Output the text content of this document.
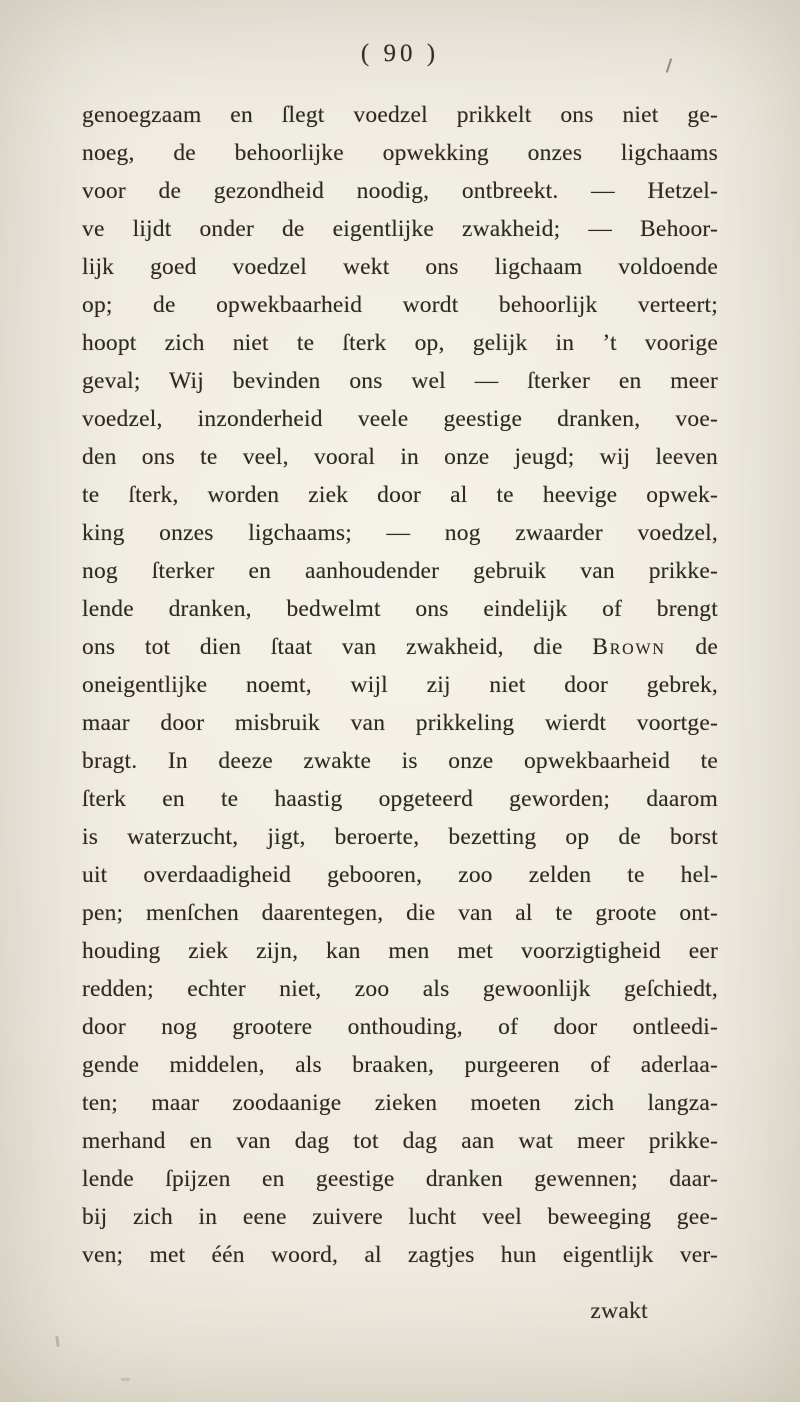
( 90 )

genoegzaam en ſlegt voedzel prikkelt ons niet ge-

noeg, de behoorlijke opwekking onzes ligchaams

voor de gezondheid noodig, ontbreekt. — Hetzel-

ve lijdt onder de eigentlijke zwakheid; — Behoor-

lijk goed voedzel wekt ons ligchaam voldoende

op; de opwekbaarheid wordt behoorlijk verteert;

hoopt zich niet te ſterk op, gelijk in ’t voorige

geval; Wij bevinden ons wel — ſterker en meer

voedzel, inzonderheid veele geestige dranken, voe-

den ons te veel, vooral in onze jeugd; wij leeven

te ſterk, worden ziek door al te heevige opwek-

king onzes ligchaams; — nog zwaarder voedzel,

nog ſterker en aanhoudender gebruik van prikke-

lende dranken, bedwelmt ons eindelijk of brengt

ons tot dien ſtaat van zwakheid, die Brown de

oneigentlijke noemt, wijl zij niet door gebrek,

maar door misbruik van prikkeling wierdt voortge-

bragt. In deeze zwakte is onze opwekbaarheid te

ſterk en te haastig opgeteerd geworden; daarom

is waterzucht, jigt, beroerte, bezetting op de borst

uit overdaadigheid gebooren, zoo zelden te hel-

pen; menſchen daarentegen, die van al te groote ont-

houding ziek zijn, kan men met voorzigtigheid eer

redden; echter niet, zoo als gewoonlijk geſchiedt,

door nog grootere onthouding, of door ontleedi-

gende middelen, als braaken, purgeeren of aderlaa-

ten; maar zoodaanige zieken moeten zich langza-

merhand en van dag tot dag aan wat meer prikke-

lende ſpijzen en geestige dranken gewennen; daar-

bij zich in eene zuivere lucht veel beweeging gee-

ven; met één woord, al zagtjes hun eigentlijk ver-

zwakt
